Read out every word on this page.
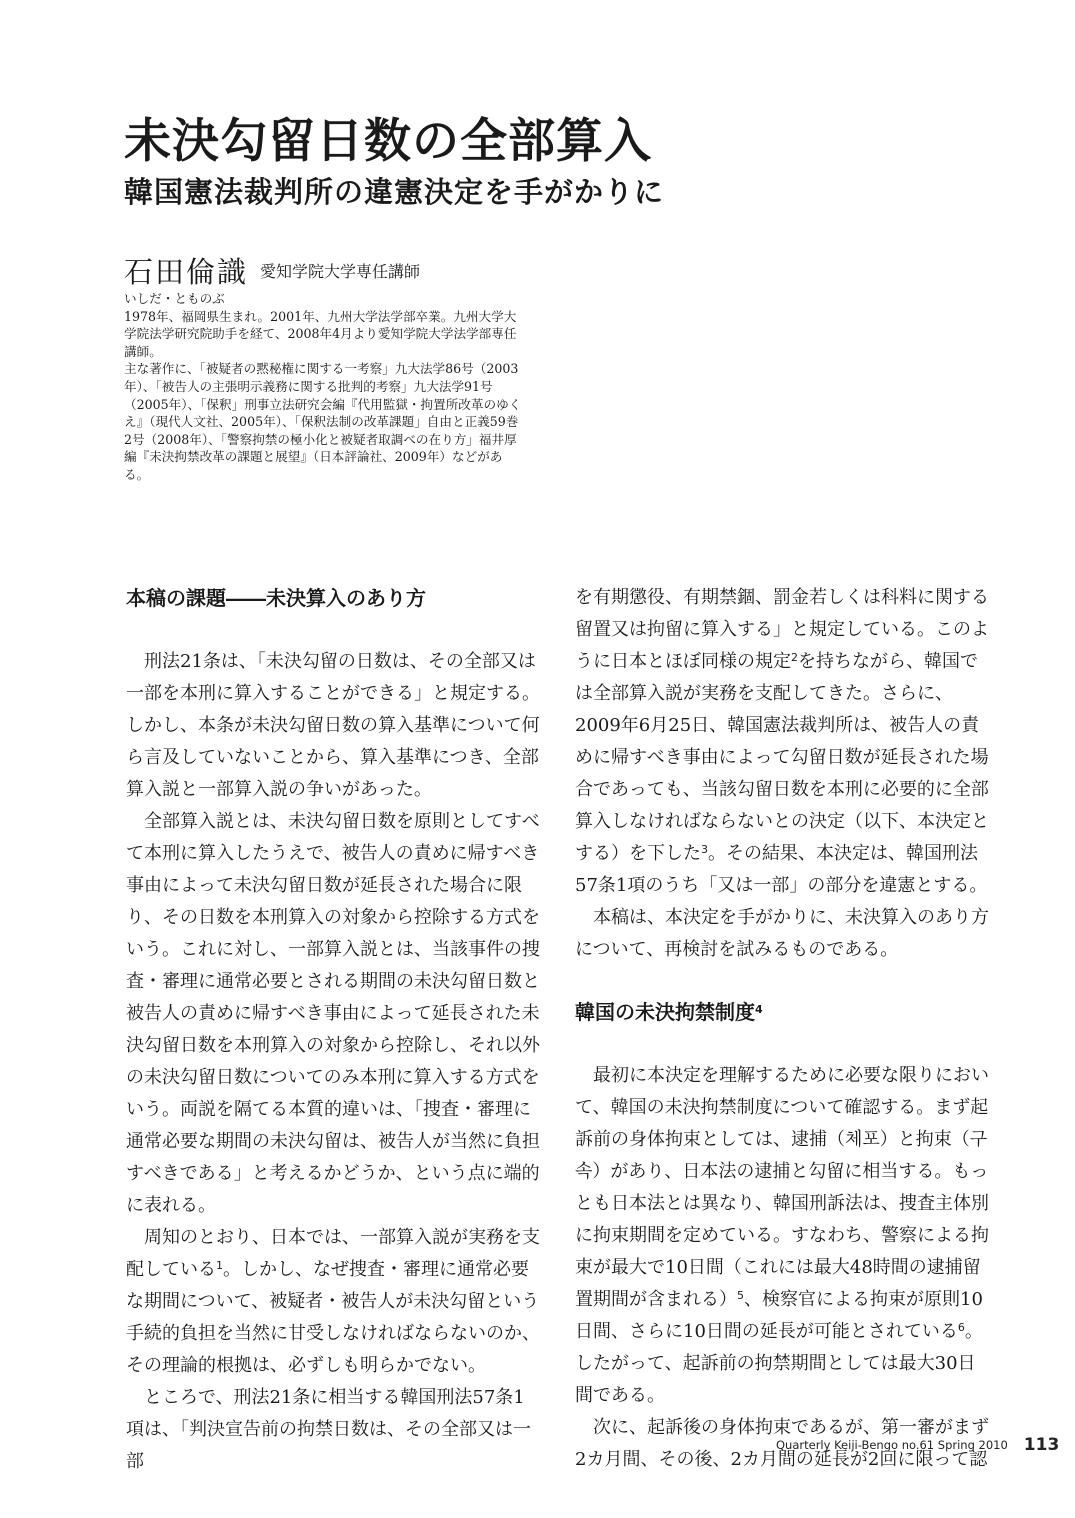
未決勾留日数の全部算入
韓国憲法裁判所の違憲決定を手がかりに
石田倫識 愛知学院大学専任講師

いしだ・とものぶ

1978年、福岡県生まれ。2001年、九州大学法学部卒業。九州大学大学院法学研究院助手を経て、2008年4月より愛知学院大学法学部専任講師。

主な著作に、「被疑者の黙秘権に関する一考察」九大法学86号（2003年）、「被告人の主張明示義務に関する批判的考察」九大法学91号（2005年）、「保釈」刑事立法研究会編『代用監獄・拘置所改革のゆくえ』（現代人文社、2005年）、「保釈法制の改革課題」自由と正義59巻2号（2008年）、「警察拘禁の極小化と被疑者取調べの在り方」福井厚編『未決拘禁改革の課題と展望』（日本評論社、2009年）などがある。

本稿の課題――未決算入のあり方

刑法21条は、「未決勾留の日数は、その全部又は一部を本刑に算入することができる」と規定する。しかし、本条が未決勾留日数の算入基準について何ら言及していないことから、算入基準につき、全部算入説と一部算入説の争いがあった。

全部算入説とは、未決勾留日数を原則としてすべて本刑に算入したうえで、被告人の責めに帰すべき事由によって未決勾留日数が延長された場合に限り、その日数を本刑算入の対象から控除する方式をいう。これに対し、一部算入説とは、当該事件の捜査・審理に通常必要とされる期間の未決勾留日数と被告人の責めに帰すべき事由によって延長された未決勾留日数を本刑算入の対象から控除し、それ以外の未決勾留日数についてのみ本刑に算入する方式をいう。両説を隔てる本質的違いは、「捜査・審理に通常必要な期間の未決勾留は、被告人が当然に負担すべきである」と考えるかどうか、という点に端的に表れる。

周知のとおり、日本では、一部算入説が実務を支配している$^1$。しかし、なぜ捜査・審理に通常必要な期間について、被疑者・被告人が未決勾留という手続的負担を当然に甘受しなければならないのか、その理論的根拠は、必ずしも明らかでない。

ところで、刑法21条に相当する韓国刑法57条1項は、「判決宣告前の拘禁日数は、その全部又は一部

を有期懲役、有期禁錮、罰金若しくは科料に関する留置又は拘留に算入する」と規定している。このように日本とほぼ同様の規定$^2$を持ちながら、韓国では全部算入説が実務を支配してきた。さらに、2009年6月25日、韓国憲法裁判所は、被告人の責めに帰すべき事由によって勾留日数が延長された場合であっても、当該勾留日数を本刑に必要的に全部算入しなければならないとの決定（以下、本決定とする）を下した$^3$。その結果、本決定は、韓国刑法57条1項のうち「又は一部」の部分を違憲とする。

本稿は、本決定を手がかりに、未決算入のあり方について、再検討を試みるものである。

韓国の未決拘禁制度$^4$

最初に本決定を理解するために必要な限りにおいて、韓国の未決拘禁制度について確認する。まず起訴前の身体拘束としては、逮捕（체포）と拘束（구속）があり、日本法の逮捕と勾留に相当する。もっとも日本法とは異なり、韓国刑訴法は、捜査主体別に拘束期間を定めている。すなわち、警察による拘束が最大で10日間（これには最大48時間の逮捕留置期間が含まれる）$^5$、検察官による拘束が原則10日間、さらに10日間の延長が可能とされている$^6$。したがって、起訴前の拘禁期間としては最大30日間である。

次に、起訴後の身体拘束であるが、第一審がまず2カ月間、その後、2カ月間の延長が2回に限って認

Quarterly Keiji-Bengo no.61 Spring 2010 113
